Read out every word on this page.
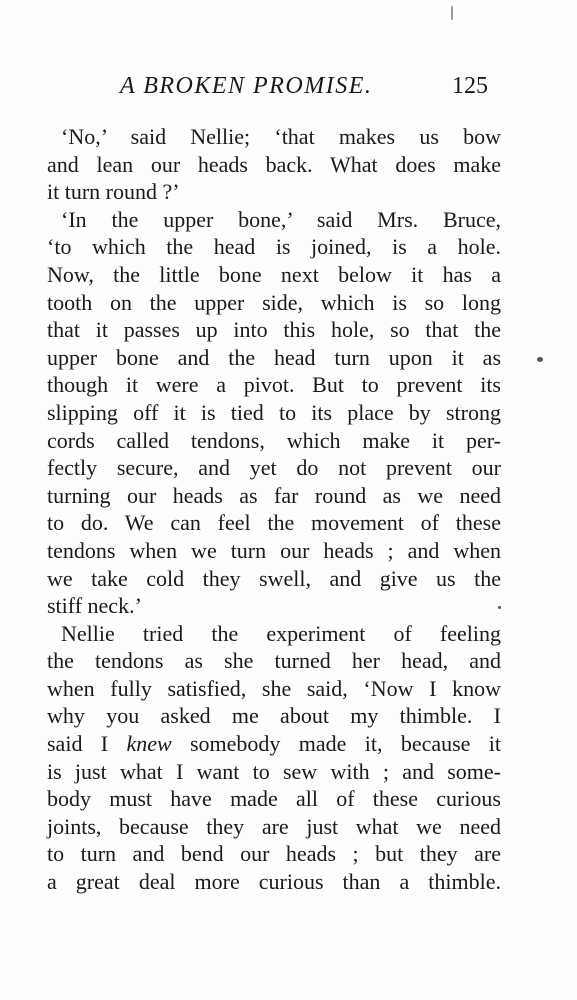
A BROKEN PROMISE.	125
‘No,’ said Nellie; ‘that makes us bow
and lean our heads back. What does make
it turn round ?’
‘In the upper bone,’ said Mrs. Bruce,
‘to which the head is joined, is a hole.
Now, the little bone next below it has a
tooth on the upper side, which is so long
that it passes up into this hole, so that the
upper bone and the head turn upon it as
though it were a pivot. But to prevent its
slipping off it is tied to its place by strong
cords called tendons, which make it per-
fectly secure, and yet do not prevent our
turning our heads as far round as we need
to do. We can feel the movement of these
tendons when we turn our heads ; and when
we take cold they swell, and give us the
stiff neck.’
Nellie tried the experiment of feeling
the tendons as she turned her head, and
when fully satisfied, she said, ‘Now I know
why you asked me about my thimble. I
said I knew somebody made it, because it
is just what I want to sew with ; and some-
body must have made all of these curious
joints, because they are just what we need
to turn and bend our heads ; but they are
a great deal more curious than a thimble.
